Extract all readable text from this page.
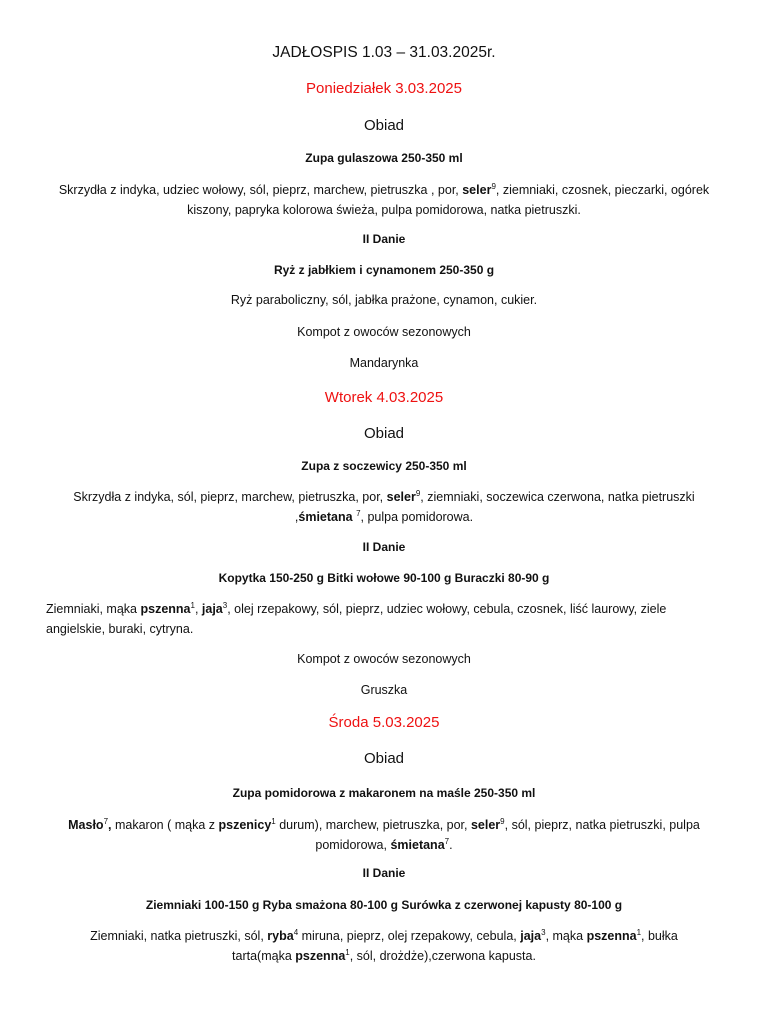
JADŁOSPIS 1.03 – 31.03.2025r.
Poniedziałek 3.03.2025
Obiad
Zupa gulaszowa 250-350 ml
Skrzydła z indyka, udziec wołowy, sól, pieprz, marchew, pietruszka , por, seler$^9$, ziemniaki, czosnek, pieczarki, ogórek kiszony, papryka kolorowa świeża, pulpa pomidorowa, natka pietruszki.
II Danie
Ryż z jabłkiem i cynamonem 250-350 g
Ryż paraboliczny, sól, jabłka prażone, cynamon, cukier.
Kompot z owoców sezonowych
Mandarynka
Wtorek 4.03.2025
Obiad
Zupa z soczewicy 250-350 ml
Skrzydła z indyka, sól, pieprz, marchew, pietruszka, por, seler$^9$, ziemniaki, soczewica czerwona, natka pietruszki ,śmietana $^7$, pulpa pomidorowa.
II Danie
Kopytka 150-250 g Bitki wołowe 90-100 g Buraczki 80-90 g
Ziemniaki, mąka pszenna$^1$, jaja$^3$, olej rzepakowy, sól, pieprz, udziec wołowy, cebula, czosnek, liść laurowy, ziele angielskie, buraki, cytryna.
Kompot z owoców sezonowych
Gruszka
Środa 5.03.2025
Obiad
Zupa pomidorowa z makaronem na maśle 250-350 ml
Masło$^7$, makaron ( mąka z pszenicy$^1$ durum), marchew, pietruszka, por, seler$^9$, sól, pieprz, natka pietruszki, pulpa pomidorowa, śmietana$^7$.
II Danie
Ziemniaki 100-150 g Ryba smażona 80-100 g Surówka z czerwonej kapusty 80-100 g
Ziemniaki, natka pietruszki, sól, ryba$^4$ miruna, pieprz, olej rzepakowy, cebula, jaja$^3$, mąka pszenna$^1$, bułka tarta(mąka pszenna$^1$, sól, drożdże),czerwona kapusta.
